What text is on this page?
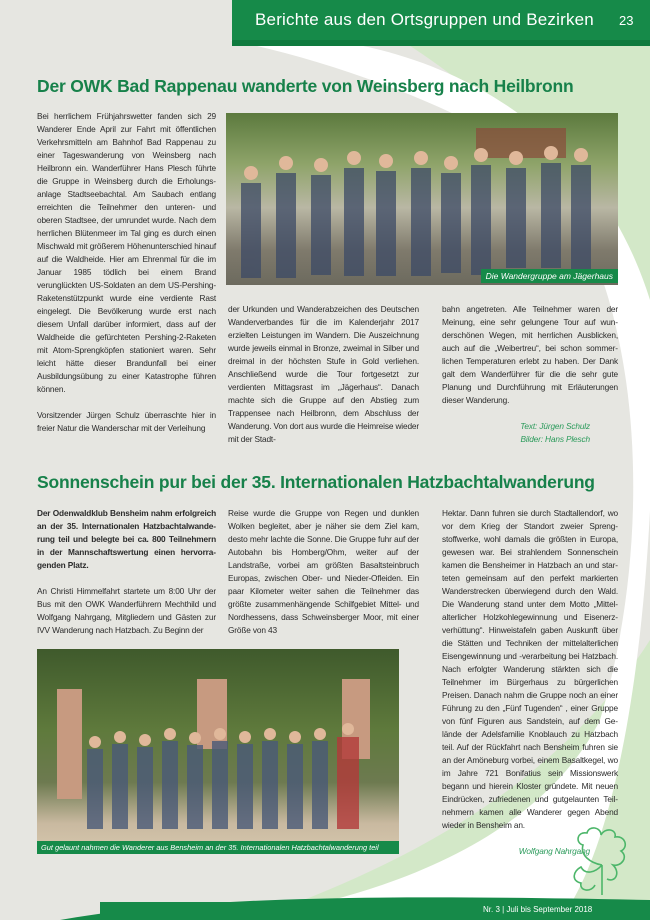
Berichte aus den Ortsgruppen und Bezirken 23
Der OWK Bad Rappenau wanderte von Weinsberg nach Heilbronn

Bei herrlichem Frühjahrswetter fanden sich 29 Wanderer Ende April zur Fahrt mit öffentlichen Verkehrsmitteln am Bahnhof Bad Rappenau zu einer Tageswanderung von Weinsberg nach Heilbronn ein. Wanderführer Hans Plesch führte die Gruppe in Weinsberg durch die Erholungsanlage Stadtseebachtal. Am Saubach entlang erreichten die Teilnehmer den unteren- und oberen Stadtsee, der umrundet wurde. Nach dem herrlichen Blütenmeer im Tal ging es durch einen Mischwald mit größerem Höhenunterschied hinauf auf die Waldheide. Hier am Ehrenmal für die im Januar 1985 tödlich bei einem Brand verunglückten US-Soldaten an dem US-Pershing-Raketenstützpunkt wurde eine verdiente Rast eingelegt. Die Bevölkerung wurde erst nach diesem Unfall darüber informiert, dass auf der Waldheide die gefürchteten Pershing-2-Raketen mit Atom-Sprengköpfen stationiert waren. Sehr leicht hätte dieser Brandunfall bei einer Ausbildungsübung zu einer Katastrophe führen können.

Vorsitzender Jürgen Schulz überraschte hier in freier Natur die Wanderschar mit der Verleihung

Die Wandergruppe am Jägerhaus

der Urkunden und Wanderabzeichen des Deutschen Wanderverbandes für die im Kalenderjahr 2017 erzielten Leistungen im Wandern. Die Auszeichnung wurde jeweils einmal in Bronze, zweimal in Silber und dreimal in der höchsten Stufe in Gold verliehen. Anschließend wurde die Tour fortgesetzt zur verdienten Mittagsrast im „Jägerhaus“. Danach machte sich die Gruppe auf den Abstieg zum Trappensee nach Heilbronn, dem Abschluss der Wanderung. Von dort aus wurde die Heimreise wieder mit der Stadt-

bahn angetreten. Alle Teilnehmer waren der Meinung, eine sehr gelungene Tour auf wunderschönen Wegen, mit herrlichen Ausblicken, auch auf die „Weibertreu“, bei schon sommerlichen Temperaturen erlebt zu haben. Der Dank galt dem Wanderführer für die die sehr gute Planung und Durchführung mit Erläuterungen dieser Wanderung.

Text: Jürgen Schulz
Bilder: Hans Plesch
Sonnenschein pur bei der 35. Internationalen Hatzbachtalwanderung

Der Odenwaldklub Bensheim nahm erfolgreich an der 35. Internationalen Hatzbachtalwanderung teil und belegte bei ca. 800 Teilnehmern in der Mannschaftswertung einen hervorragenden Platz.

An Christi Himmelfahrt startete um 8:00 Uhr der Bus mit den OWK Wanderführern Mechthild und Wolfgang Nahrgang, Mitgliedern und Gästen zur IVV Wanderung nach Hatzbach. Zu Beginn der

Reise wurde die Gruppe von Regen und dunklen Wolken begleitet, aber je näher sie dem Ziel kam, desto mehr lachte die Sonne. Die Gruppe fuhr auf der Autobahn bis Homberg/Ohm, weiter auf der Landstraße, vorbei am größten Basaltsteinbruch Europas, zwischen Ober- und Nieder-Ofleiden. Ein paar Kilometer weiter sahen die Teilnehmer das größte zusammenhängende Schilfgebiet Mittel- und Nordhessens, dass Schweinsberger Moor, mit einer Größe von 43

Gut gelaunt nahmen die Wanderer aus Bensheim an der 35. Internationalen Hatzbachtalwanderung teil

Hektar. Dann fuhren sie durch Stadtallendorf, wo vor dem Krieg der Standort zweier Sprengstoffwerke, wohl damals die größten in Europa, gewesen war. Bei strahlendem Sonnenschein kamen die Bensheimer in Hatzbach an und starteten gemeinsam auf den perfekt markierten Wanderstrecken überwiegend durch den Wald. Die Wanderung stand unter dem Motto „Mittelalterlicher Holzkohlegewinnung und Eisenerzverhüttung“. Hinweistafeln gaben Auskunft über die Stätten und Techniken der mittelalterlichen Eisengewinnung und -verarbeitung bei Hatzbach. Nach erfolgter Wanderung stärkten sich die Teilnehmer im Bürgerhaus zu bürgerlichen Preisen. Danach nahm die Gruppe noch an einer Führung zu den „Fünf Tugenden“ , einer Gruppe von fünf Figuren aus Sandstein, auf dem Gelände der Adelsfamilie Knoblauch zu Hatzbach teil. Auf der Rückfahrt nach Bensheim fuhren sie an der Amöneburg vorbei, einem Basaltkegel, wo im Jahre 721 Bonifatius sein Missionswerk begann und hierein Kloster gründete. Mit neuen Eindrücken, zufriedenen und gutgelaunten Teilnehmern kamen alle Wanderer gegen Abend wieder in Bensheim an.

Wolfgang Nahrgang
Nr. 3 | Juli bis September 2018
